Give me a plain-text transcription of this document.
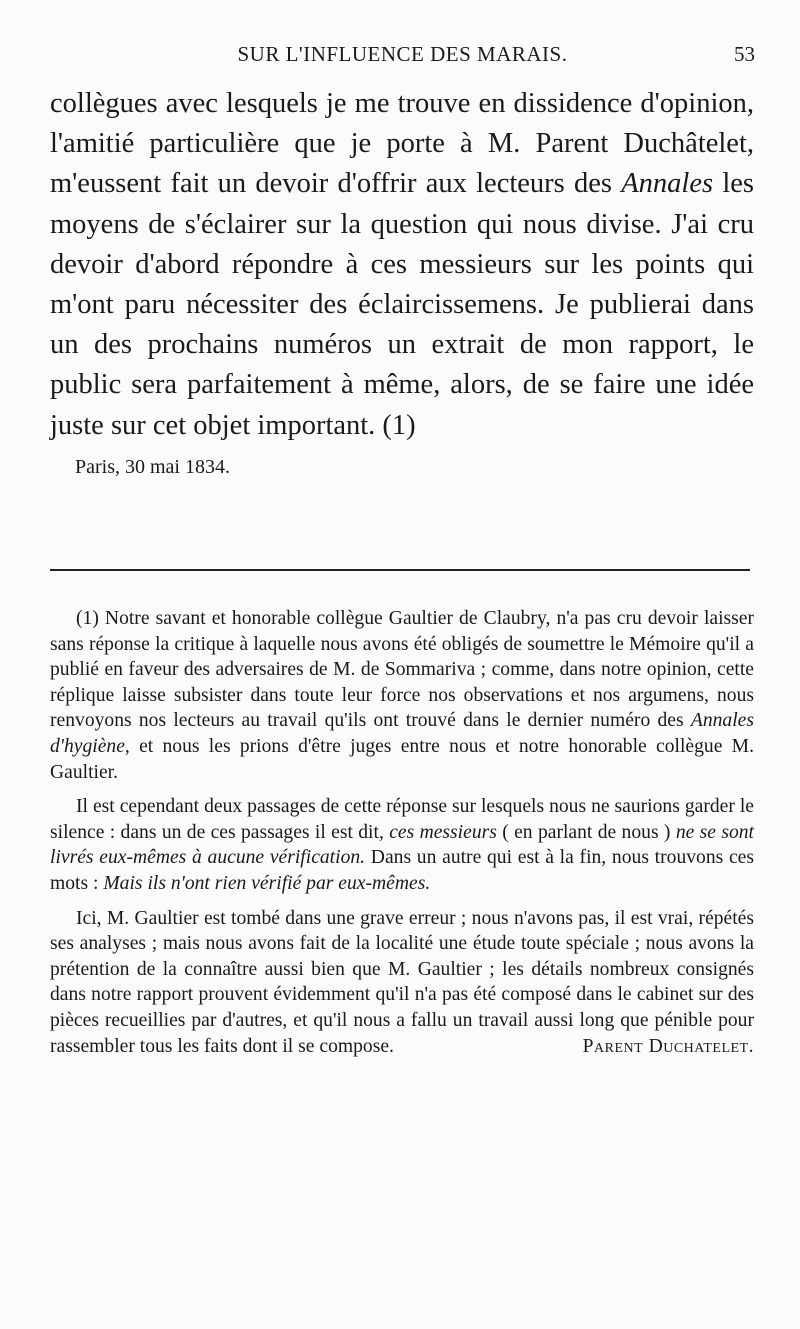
SUR L'INFLUENCE DES MARAIS.	53

collègues avec lesquels je me trouve en dissidence d'opinion, l'amitié particulière que je porte à M. Parent Duchâtelet, m'eussent fait un devoir d'offrir aux lecteurs des Annales les moyens de s'éclairer sur la question qui nous divise. J'ai cru devoir d'abord répondre à ces messieurs sur les points qui m'ont paru nécessiter des éclaircissemens. Je publierai dans un des prochains numéros un extrait de mon rapport, le public sera parfaitement à même, alors, de se faire une idée juste sur cet objet important. (1)

Paris, 30 mai 1834.

(1) Notre savant et honorable collègue Gaultier de Claubry, n'a pas cru devoir laisser sans réponse la critique à laquelle nous avons été obligés de soumettre le Mémoire qu'il a publié en faveur des adversaires de M. de Sommariva ; comme, dans notre opinion, cette réplique laisse subsister dans toute leur force nos observations et nos argumens, nous renvoyons nos lecteurs au travail qu'ils ont trouvé dans le dernier numéro des Annales d'hygiène, et nous les prions d'être juges entre nous et notre honorable collègue M. Gaultier.

Il est cependant deux passages de cette réponse sur lesquels nous ne saurions garder le silence : dans un de ces passages il est dit, ces messieurs ( en parlant de nous ) ne se sont livrés eux-mêmes à aucune vérification. Dans un autre qui est à la fin, nous trouvons ces mots : Mais ils n'ont rien vérifié par eux-mêmes.

Ici, M. Gaultier est tombé dans une grave erreur ; nous n'avons pas, il est vrai, répétés ses analyses ; mais nous avons fait de la localité une étude toute spéciale ; nous avons la prétention de la connaître aussi bien que M. Gaultier ; les détails nombreux consignés dans notre rapport prouvent évidemment qu'il n'a pas été composé dans le cabinet sur des pièces recueillies par d'autres, et qu'il nous a fallu un travail aussi long que pénible pour rassembler tous les faits dont il se compose.	Parent Duchatelet.
